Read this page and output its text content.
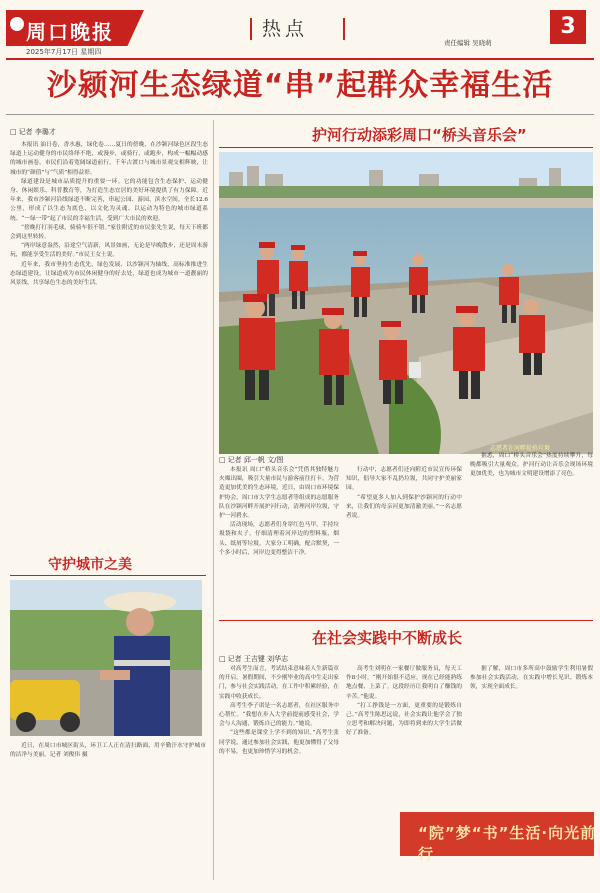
周口晚报
2025年7月17日 星期四
热点
责任编辑 吴晓萌
3
沙颍河生态绿道“串”起群众幸福生活
□ 记者 李璐才

本报讯 油日卷，香水惠，绿化卷……夏日的傍晚，在沙颍河绿色区段生态绿道上运动健身的市民络绎不绝，或漫步，或骑行，或跑步，构成一幅幅动感的城市画卷。市民们沿着宽阔绿道前行，千年古渡口与城市景观交相辉映，让城市的“颜值”与“气质”相得益彰。

绿道建设是城市品质提升的重要一环。它的功能包含生态保护、运动健身、休闲娱乐、科普教育等，为打造生态宜居的美好环境提供了有力保障。近年来，我市沙颍河沿线绿道不断完善，串起公园、游园、滨水空间，全长12.6公里，形成了以生态为底色，以文化为灵魂、以运动为特色的城市绿道系统。“一绿一带”起了市民的幸福生活，受到广大市民的欢迎。

“傍晚打打羽毛球，骑骑车很不错。”家住附近的市民张先生说，每天下班都会到这里转转。

“两岸绿意盎然，沿途空气清新，风景如画，无论是早晚散步，还是周末游玩，都能享受生活的美好。”市民王女士说。

近年来，我市坚持生态优先、绿色发展，以沙颍河为轴线，高标准推进生态绿道建设，让绿道成为市民休闲健身的好去处，绿道也成为城市一道靓丽的风景线，共享绿色生态的美好生活。

护河行动添彩周口“桥头音乐会”
志愿者在河畔捡拾垃圾
□ 记者 邱一帆 文/图

本报讯 周口“桥头音乐会”凭借其独特魅力火爆出圈，吸引大量市民与游客前往打卡。为营造更加优美的生态环境，近日，由周口市环境保护协会、周口市大学生志愿者等组成的志愿服务队在沙颍河畔开展护河行动，清理河岸垃圾，守护一河碧水。

活动现场，志愿者们身穿红色马甲，手持垃圾袋和夹子，仔细清理着河岸边的塑料瓶、烟头、纸屑等垃圾。大家分工明确，配合默契，一个多小时后，河岸边变得整洁干净。

行动中，志愿者们还向附近市民宣传环保知识，倡导大家不乱扔垃圾，共同守护美丽家园。

“希望更多人加入到保护沙颍河的行动中来，让我们的母亲河更加清澈美丽。”一名志愿者说。

据悉，周口“桥头音乐会”热度持续攀升，每晚都吸引大量观众。护河行动让音乐会现场环境更加优美，也为城市文明建设增添了亮色。

守护城市之美

近日，在周口市城区街头，环卫工人正在清扫路面，用辛勤汗水守护城市的洁净与美丽。记者 刘俊伟 摄

在社会实践中不断成长
□ 记者 王吉键 刘华志

对高考生而言，考试结束意味着人生新篇章的开启。暑假期间，不少刚毕业的高中生走出家门，参与社会实践活动，在工作中积累经验，在实践中收获成长。

高考生李子诺是一名志愿者，在社区服务中心帮忙。“我想在步入大学前提前感受社会，学会与人沟通，锻炼自己的能力。”她说。

“这些都是课堂上学不到的知识。”高考生张同学说，通过参加社会实践，他更加懂得了父母的不易，也更加珍惜学习的机会。

高考生刘明在一家餐厅做服务员，每天工作8小时。“刚开始很不适应，现在已经能熟练地点餐、上菜了。这段经历让我明白了赚钱的辛苦。”他说。

“打工挣钱是一方面，更重要的是锻炼自己。”高考生陈思远说，社会实践让他学会了独立思考和解决问题，为即将到来的大学生活做好了准备。

据了解，周口市多所高中鼓励学生利用暑假参加社会实践活动，在实践中增长见识、锻炼本领，实现全面成长。

“院”梦“书”生活·向光前行
